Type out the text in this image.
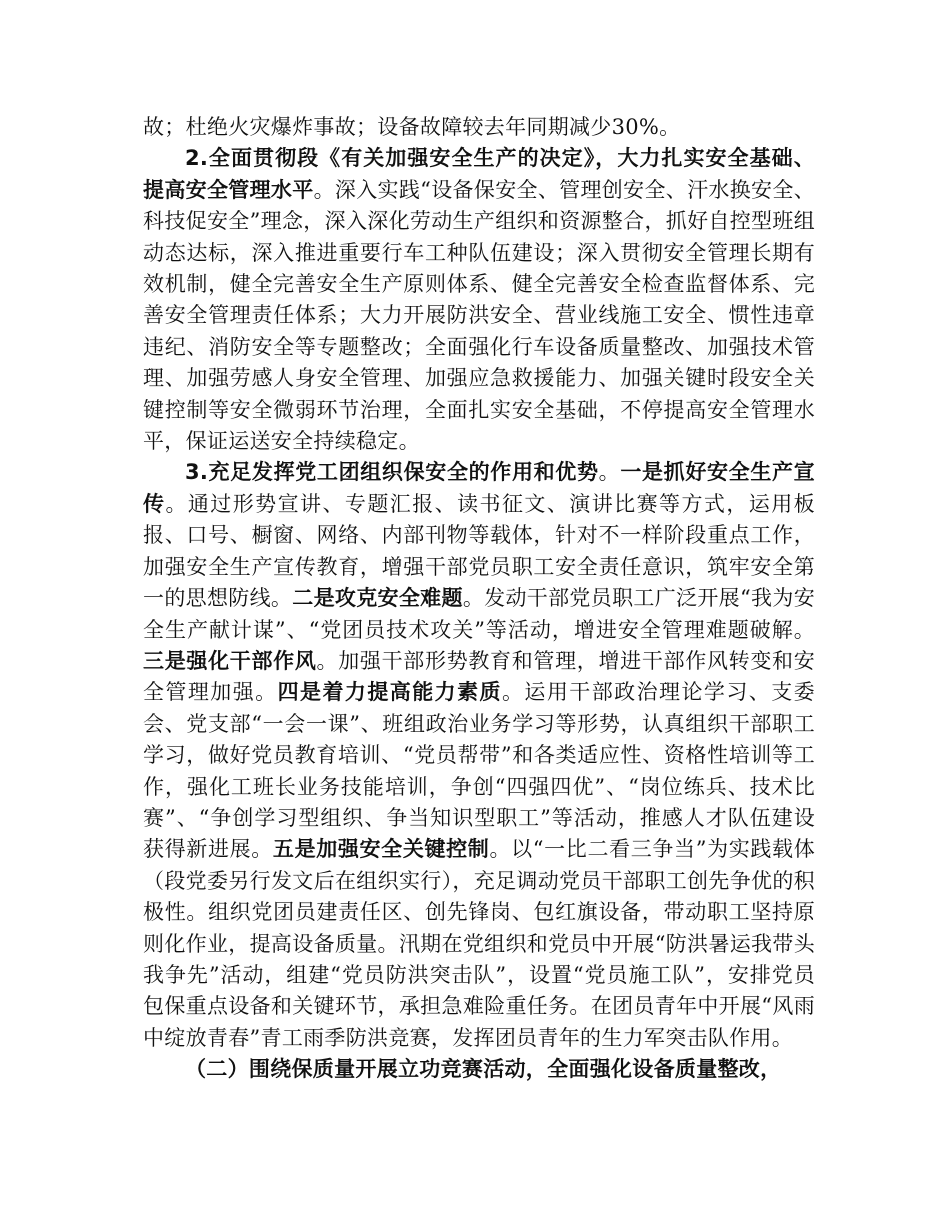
故；杜绝火灾爆炸事故；设备故障较去年同期减少30%。

2.全面贯彻段《有关加强安全生产的决定》，大力扎实安全基础、提高安全管理水平。深入实践“设备保安全、管理创安全、汗水换安全、科技促安全”理念，深入深化劳动生产组织和资源整合，抓好自控型班组动态达标，深入推进重要行车工种队伍建设；深入贯彻安全管理长期有效机制，健全完善安全生产原则体系、健全完善安全检查监督体系、完善安全管理责任体系；大力开展防洪安全、营业线施工安全、惯性违章违纪、消防安全等专题整改；全面强化行车设备质量整改、加强技术管理、加强劳感人身安全管理、加强应急救援能力、加强关键时段安全关键控制等安全微弱环节治理，全面扎实安全基础，不停提高安全管理水平，保证运送安全持续稳定。

3.充足发挥党工团组织保安全的作用和优势。一是抓好安全生产宣传。通过形势宣讲、专题汇报、读书征文、演讲比赛等方式，运用板报、口号、橱窗、网络、内部刊物等载体，针对不一样阶段重点工作，加强安全生产宣传教育，增强干部党员职工安全责任意识，筑牢安全第一的思想防线。二是攻克安全难题。发动干部党员职工广泛开展“我为安全生产献计谋”、“党团员技术攻关”等活动，增进安全管理难题破解。三是强化干部作风。加强干部形势教育和管理，增进干部作风转变和安全管理加强。四是着力提高能力素质。运用干部政治理论学习、支委会、党支部“一会一课”、班组政治业务学习等形势，认真组织干部职工学习，做好党员教育培训、“党员帮带”和各类适应性、资格性培训等工作，强化工班长业务技能培训，争创“四强四优”、“岗位练兵、技术比赛”、“争创学习型组织、争当知识型职工”等活动，推感人才队伍建设获得新进展。五是加强安全关键控制。以“一比二看三争当”为实践载体（段党委另行发文后在组织实行），充足调动党员干部职工创先争优的积极性。组织党团员建责任区、创先锋岗、包红旗设备，带动职工坚持原则化作业，提高设备质量。汛期在党组织和党员中开展“防洪暑运我带头我争先”活动，组建“党员防洪突击队”，设置“党员施工队”，安排党员包保重点设备和关键环节，承担急难险重任务。在团员青年中开展“风雨中绽放青春”青工雨季防洪竞赛，发挥团员青年的生力军突击队作用。

（二）围绕保质量开展立功竞赛活动，全面强化设备质量整改，
